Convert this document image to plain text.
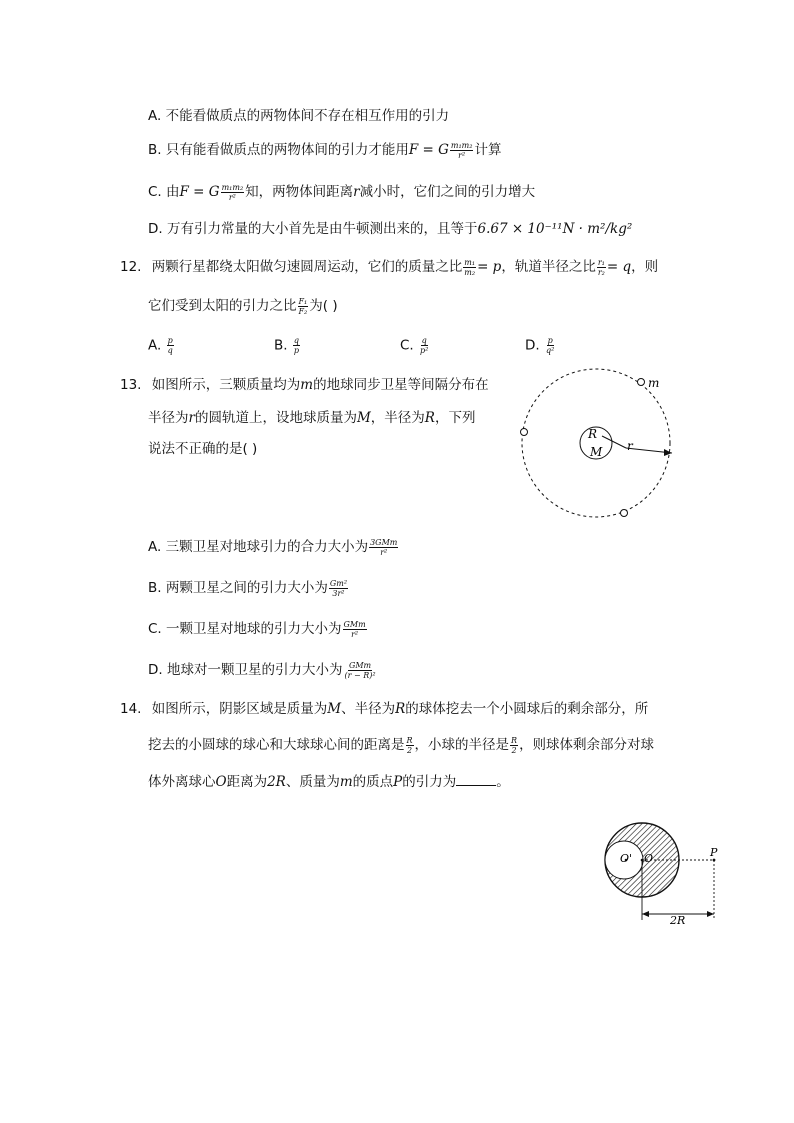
A. 不能看做质点的两物体间不存在相互作用的引力
B. 只有能看做质点的两物体间的引力才能用F = G $\frac{\text{m₁m₂}}{\text{r²}}$ 计算
C. 由F = G $\frac{\text{m₁m₂}}{\text{r²}}$ 知，两物体间距离r减小时，它们之间的引力增大
D. 万有引力常量的大小首先是由牛顿测出来的，且等于6.67 × 10⁻¹¹N · m²/kg²
12. 两颗行星都绕太阳做匀速圆周运动，它们的质量之比 $\frac{\text{m₁}}{\text{m₂}} = p$，轨道半径之比 $\frac{\text{r₁}}{\text{r₂}} = q$，则
它们受到太阳的引力之比 $\frac{\text{F₁}}{\text{F₂}}$ 为( )
A. $\frac{p}{q}$	B. $\frac{q}{p}$	C. $\frac{q}{\text{p²}}$	D. $\frac{p}{\text{q²}}$
13. 如图所示，三颗质量均为m的地球同步卫星等间隔分布在
半径为r的圆轨道上，设地球质量为M，半径为R，下列
说法不正确的是( )
m
R
M r
A. 三颗卫星对地球引力的合力大小为 $\frac{\text{3GMm}}{\text{r²}}$
B. 两颗卫星之间的引力大小为 $\frac{\text{Gm²}}{\text{3r²}}$
C. 一颗卫星对地球的引力大小为 $\frac{\text{GMm}}{\text{r²}}$
D. 地球对一颗卫星的引力大小为 $\frac{\text{GMm}}{\text{(r − R)²}}$
14. 如图所示，阴影区域是质量为M、半径为R的球体挖去一个小圆球后的剩余部分，所
挖去的小圆球的球心和大球球心间的距离是 $\frac{R}{2}$ ，小球的半径是 $\frac{R}{2}$ ，则球体剩余部分对球
体外离球心O距离为2R、质量为m的质点P的引力为	。
O' O	P
2R
